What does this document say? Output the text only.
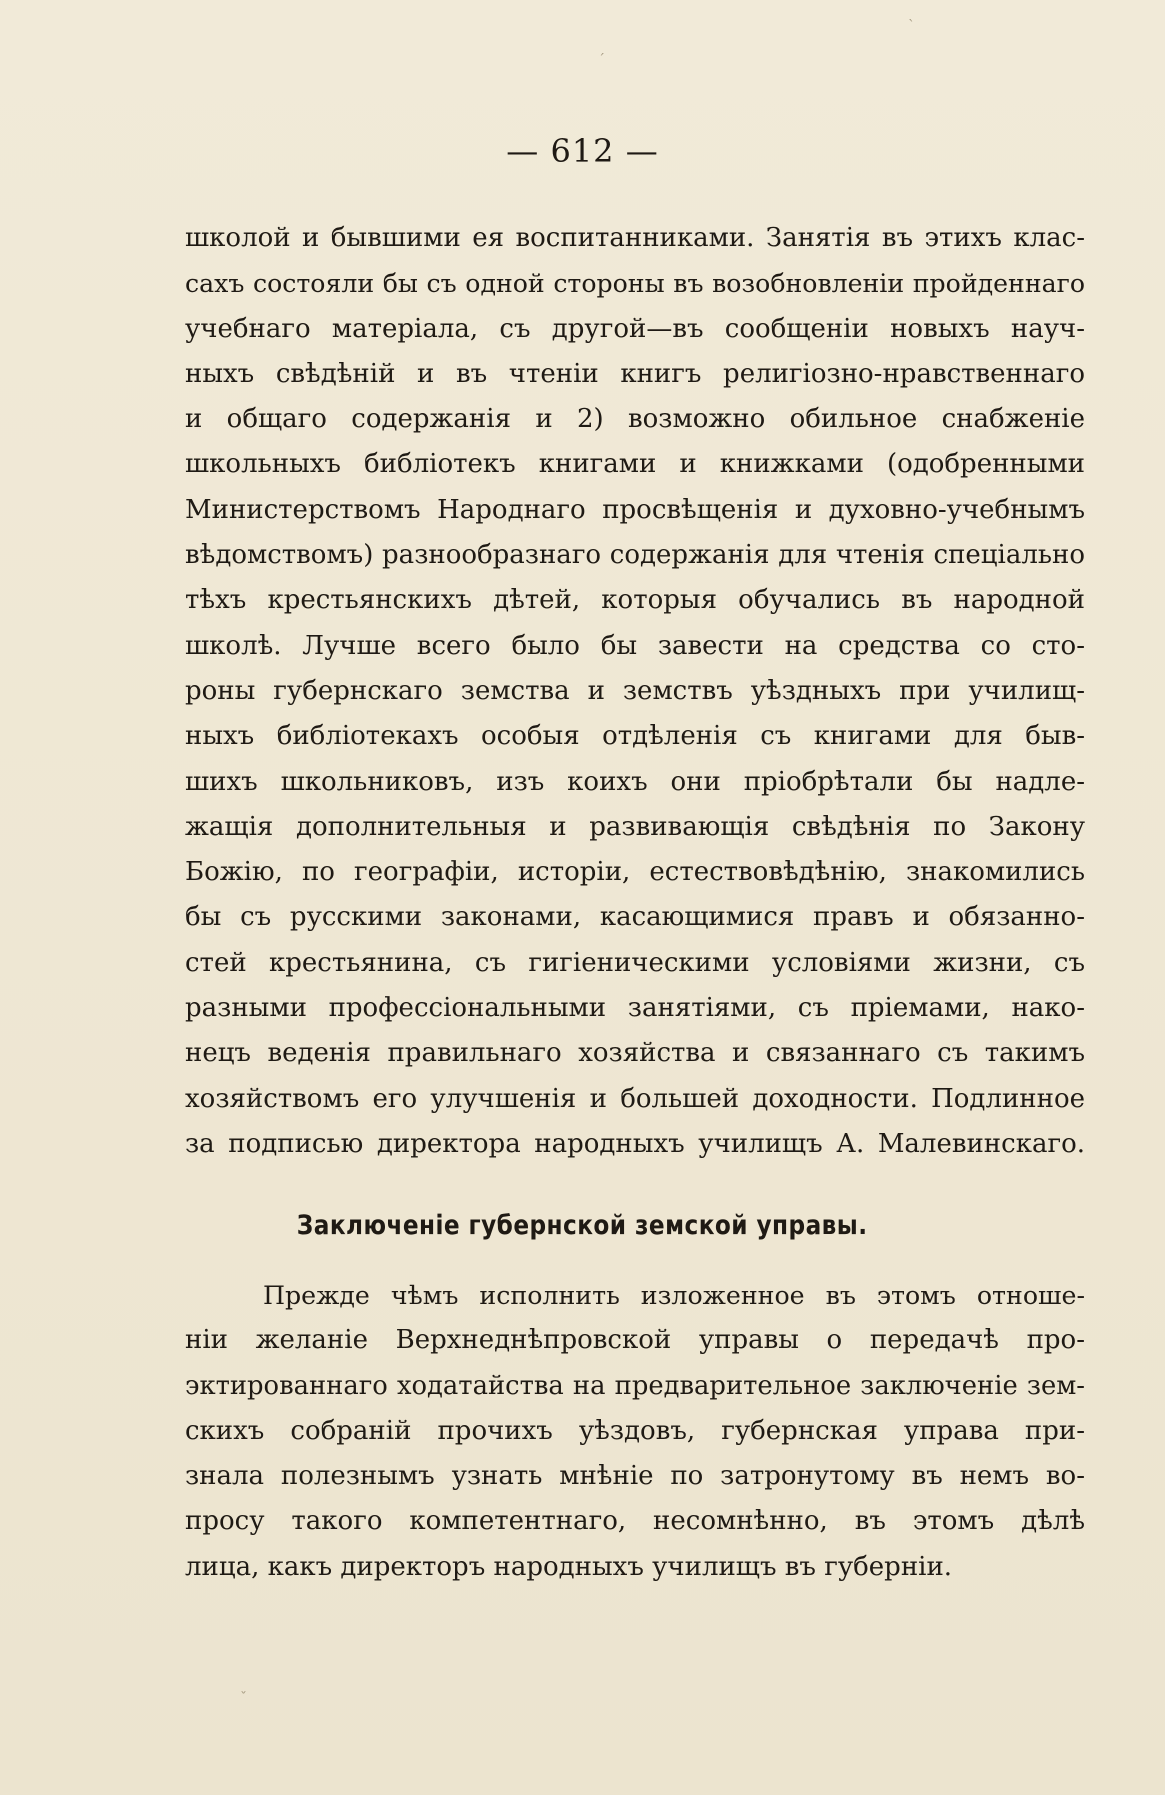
ˋ
ˊ
ˇ
— 612 —
школой и бывшими ея воспитанниками. Занятія въ этихъ клас-
сахъ состояли бы съ одной стороны въ возобновленіи пройденнаго
учебнаго матеріала, съ другой—въ сообщеніи новыхъ науч-
ныхъ свѣдѣній и въ чтеніи книгъ религіозно-нравственнаго
и общаго содержанія и 2) возможно обильное снабженіе
школьныхъ библіотекъ книгами и книжками (одобренными
Министерствомъ Народнаго просвѣщенія и духовно-учебнымъ
вѣдомствомъ) разнообразнаго содержанія для чтенія спеціально
тѣхъ крестьянскихъ дѣтей, которыя обучались въ народной
школѣ. Лучше всего было бы завести на средства со сто-
роны губернскаго земства и земствъ уѣздныхъ при училищ-
ныхъ библіотекахъ особыя отдѣленія съ книгами для быв-
шихъ школьниковъ, изъ коихъ они пріобрѣтали бы надле-
жащія дополнительныя и развивающія свѣдѣнія по Закону
Божію, по географіи, исторіи, естествовѣдѣнію, знакомились
бы съ русскими законами, касающимися правъ и обязанно-
стей крестьянина, съ гигіеническими условіями жизни, съ
разными профессіональными занятіями, съ пріемами, нако-
нецъ веденія правильнаго хозяйства и связаннаго съ такимъ
хозяйствомъ его улучшенія и большей доходности. Подлинное
за подписью директора народныхъ училищъ А. Малевинскаго.
Заключеніе губернской земской управы.
Прежде чѣмъ исполнить изложенное въ этомъ отноше-
ніи желаніе Верхнеднѣпровской управы о передачѣ про-
эктированнаго ходатайства на предварительное заключеніе зем-
скихъ собраній прочихъ уѣздовъ, губернская управа при-
знала полезнымъ узнать мнѣніе по затронутому въ немъ во-
просу такого компетентнаго, несомнѣнно, въ этомъ дѣлѣ
лица, какъ директоръ народныхъ училищъ въ губерніи.
